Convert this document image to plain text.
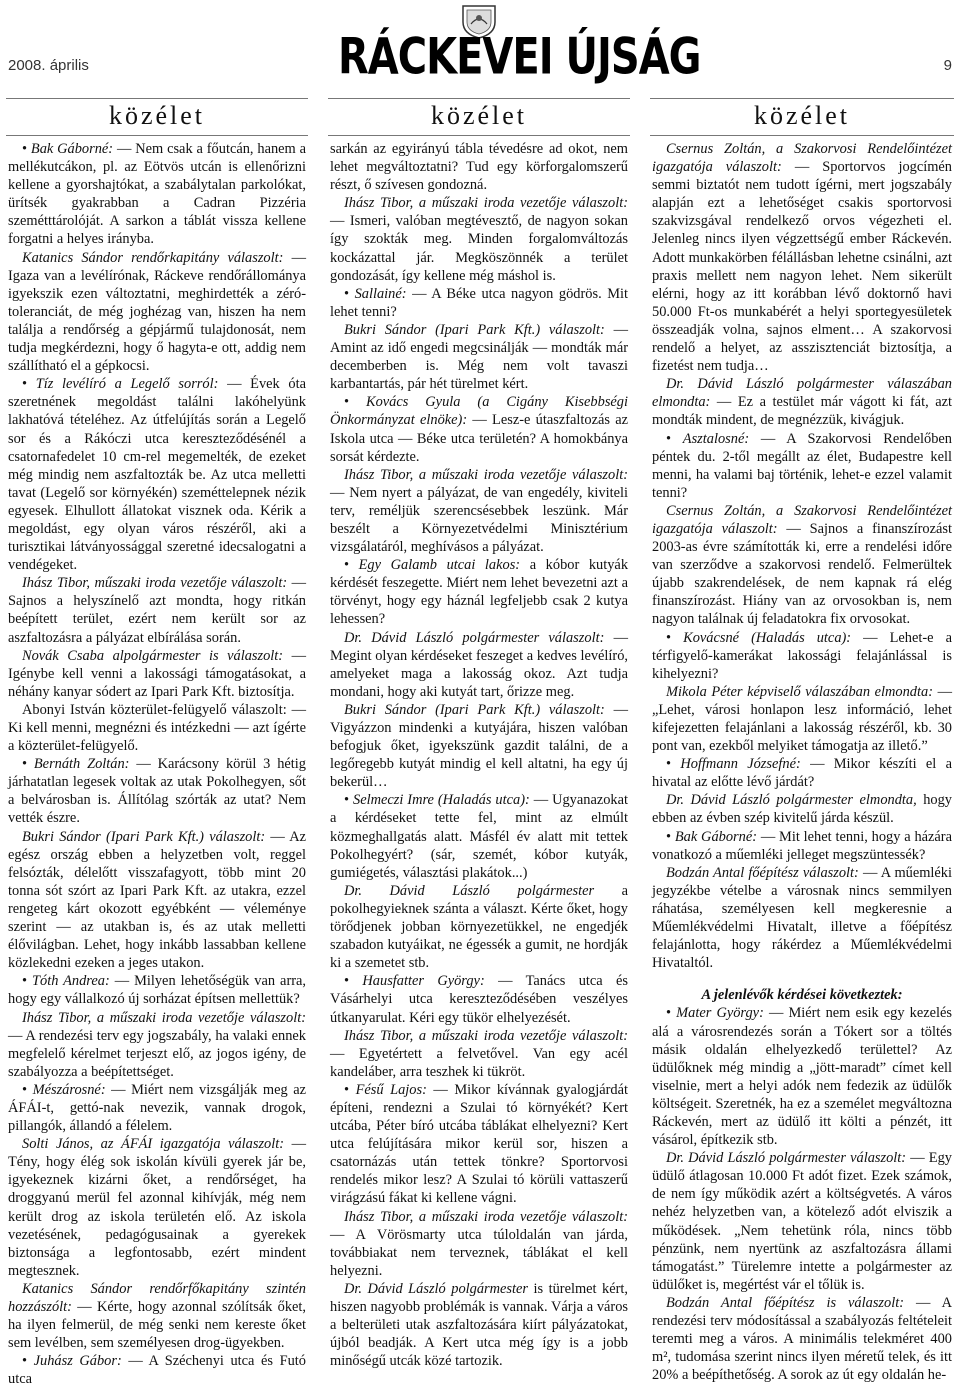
2008. április	RÁCKEVEI ÚJSÁG	9
közélet	közélet	közélet

• Bak Gáborné: — Nem csak a főutcán, hanem a mellékutcákon, pl. az Eötvös utcán is ellenőrizni kellene a gyorshajtókat, a szabálytalan parkolókat, ürítsék gyakrabban a Cadran Pizzéria szemétttárolóját. A sarkon a táblát vissza kellene forgatni a helyes irányba.

Katanics Sándor rendőrkapitány válaszolt: — Igaza van a levélírónak, Ráckeve rendőrállománya igyekszik ezen változtatni, meghirdették a zéró-toleranciát, de még joghézag van, hiszen ha nem találja a rendőrség a gépjármű tulajdonosát, nem tudja megkérdezni, hogy ő hagyta-e ott, addig nem szállítható el a gépkocsi.

• Tíz levélíró a Legelő sorról: — Évek óta szeretnének megoldást találni lakóhelyünk lakhatóvá tételéhez. Az útfelújítás során a Legelő sor és a Rákóczi utca kereszteződésénél a csatornafedelet 10 cm-rel megemelték, de ezeket még mindig nem aszfaltozták be. Az utca melletti tavat (Legelő sor környékén) szeméttelepnek nézik egyesek. Elhullott állatokat visznek oda. Kérik a megoldást, egy olyan város részéről, aki a turisztikai látványossággal szeretné idecsalogatni a vendégeket.

Ihász Tibor, műszaki iroda vezetője válaszolt: — Sajnos a helyszínelő azt mondta, hogy ritkán beépített terület, ezért nem került sor az aszfaltozásra a pályázat elbírálása során.

Novák Csaba alpolgármester is válaszolt: — Igénybe kell venni a lakossági támogatásokat, a néhány kanyar sódert az Ipari Park Kft. biztosítja.

Abonyi István közterület-felügyelő válaszolt: — Ki kell menni, megnézni és intézkedni — azt ígérte a közterület-felügyelő.

• Bernáth Zoltán: — Karácsony körül 3 hétig járhatatlan legesek voltak az utak Pokolhegyen, sőt a belvárosban is. Állítólag szórták az utat? Nem vették észre.

Bukri Sándor (Ipari Park Kft.) válaszolt: — Az egész ország ebben a helyzetben volt, reggel felsózták, délelőtt visszafagyott, több mint 20 tonna sót szórt az Ipari Park Kft. az utakra, ezzel rengeteg kárt okozott egyébként — véleménye szerint — az utakban is, és az utak melletti élővilágban. Lehet, hogy inkább lassabban kellene közlekedni ezeken a jeges utakon.

• Tóth Andrea: — Milyen lehetőségük van arra, hogy egy vállalkozó új sorházat építsen mellettük?

Ihász Tibor, a műszaki iroda vezetője válaszolt: — A rendezési terv egy jogszabály, ha valaki ennek megfelelő kérelmet terjeszt elő, az jogos igény, de szabályozza a beépítettséget.

• Mészárosné: — Miért nem vizsgálják meg az ÁFÁI-t, gettó-nak nevezik, vannak drogok, pillangók, állandó a félelem.

Solti János, az ÁFÁI igazgatója válaszolt: — Tény, hogy élég sok iskolán kívüli gyerek jár be, igyekeznek kizárni őket, a rendőrséget, ha droggyanú merül fel azonnal kihívják, még nem került drog az iskola területén elő. Az iskola vezetésének, pedagógusainak a gyerekek biztonsága a legfontosabb, ezért mindent megtesznek.

Katanics Sándor rendőrfőkapitány szintén hozzászólt: — Kérte, hogy azonnal szólítsák őket, ha ilyen felmerül, de még senki nem kereste őket sem levélben, sem személyesen drog-ügyekben.

• Juhász Gábor: — A Széchenyi utca és Futó utca

sarkán az egyirányú tábla tévedésre ad okot, nem lehet megváltoztatni? Tud egy körforgalomszerű részt, ő szívesen gondozná.

Ihász Tibor, a műszaki iroda vezetője válaszolt: — Ismeri, valóban megtévesztő, de nagyon sokan így szokták meg. Minden forgalomváltozás kockázattal jár. Megköszönnék a terület gondozását, így kellene még máshol is.

• Sallainé: — A Béke utca nagyon gödrös. Mit lehet tenni?

Bukri Sándor (Ipari Park Kft.) válaszolt: — Amint az idő engedi megcsinálják — mondták már decemberben is. Még nem volt tavaszi karbantartás, pár hét türelmet kért.

• Kovács Gyula (a Cigány Kisebbségi Önkormányzat elnöke): — Lesz-e útaszfaltozás az Iskola utca — Béke utca területén? A homokbánya sorsát kérdezte.

Ihász Tibor, a műszaki iroda vezetője válaszolt: — Nem nyert a pályázat, de van engedély, kiviteli terv, reméljük szerencsésebbek leszünk. Már beszélt a Környezetvédelmi Minisztérium vizsgálatáról, meghívásos a pályázat.

• Egy Galamb utcai lakos: a kóbor kutyák kérdését feszegette. Miért nem lehet bevezetni azt a törvényt, hogy egy háznál legfeljebb csak 2 kutya lehessen?

Dr. Dávid László polgármester válaszolt: — Megint olyan kérdéseket feszeget a kedves levélíró, amelyeket maga a lakosság okoz. Azt tudja mondani, hogy aki kutyát tart, őrizze meg.

Bukri Sándor (Ipari Park Kft.) válaszolt: — Vigyázzon mindenki a kutyájára, hiszen valóban befogjuk őket, igyekszünk gazdit találni, de a legőregebb kutyát mindig el kell altatni, ha egy új bekerül…

• Selmeczi Imre (Haladás utca): — Ugyanazokat a kérdéseket tette fel, mint az elmúlt közmeghallgatás alatt. Másfél év alatt mit tettek Pokolhegyért? (sár, szemét, kóbor kutyák, gumiégetés, választási plakátok...)

Dr. Dávid László polgármester a pokolhegyieknek szánta a választ. Kérte őket, hogy törődjenek jobban környezetükkel, ne engedjék szabadon kutyáikat, ne égessék a gumit, ne hordják ki a szemetet stb.

• Hausfatter György: — Tanács utca és Vásárhelyi utca kereszteződésében veszélyes útkanyarulat. Kéri egy tükör elhelyezését.

Ihász Tibor, a műszaki iroda vezetője válaszolt: — Egyetértett a felvetővel. Van egy acél kandeláber, arra teszhek ki tükröt.

• Fésű Lajos: — Mikor kívánnak gyalogjárdát építeni, rendezni a Szulai tó környékét? Kert utcába, Péter bíró utcába táblákat elhelyezni? Kert utca felújítására mikor kerül sor, hiszen a csatornázás után tettek tönkre? Sportorvosi rendelés mikor lesz? A Szulai tó körüli vattaszerű virágzású fákat ki kellene vágni.

Ihász Tibor, a műszaki iroda vezetője válaszolt: — A Vörösmarty utca túloldalán van járda, továbbiakat nem terveznek, táblákat el kell helyezni.

Dr. Dávid László polgármester is türelmet kért, hiszen nagyobb problémák is vannak. Várja a város a belterületi utak aszfaltozására kiírt pályázatokat, újból beadják. A Kert utca még így is a jobb minőségű utcák közé tartozik.

Csernus Zoltán, a Szakorvosi Rendelőintézet igazgatója válaszolt: — Sportorvos jogcímén semmi biztatót nem tudott ígérni, mert jogszabály alapján ezt a lehetőséget csakis sportorvosi szakvizsgával rendelkező orvos végezheti el. Jelenleg nincs ilyen végzettségű ember Ráckevén. Adott munkakörben félállásban lehetne csinálni, azt praxis mellett nem nagyon lehet. Nem sikerült elérni, hogy az itt korábban lévő doktornő havi 50.000 Ft-os munkabérét a helyi sportegyesületek összeadják volna, sajnos elment… A szakorvosi rendelő a helyet, az asszisztenciát biztosítja, a fizetést nem tudja…

Dr. Dávid László polgármester válaszában elmondta: — Ez a testület már vágott ki fát, azt mondták mindent, de megnézzük, kivágjuk.

• Asztalosné: — A Szakorvosi Rendelőben péntek du. 2-től megállt az élet, Budapestre kell menni, ha valami baj történik, lehet-e ezzel valamit tenni?

Csernus Zoltán, a Szakorvosi Rendelőintézet igazgatója válaszolt: — Sajnos a finanszírozást 2003-as évre számították ki, erre a rendelési időre van szerződve a szakorvosi rendelő. Felmerültek újabb szakrendelések, de nem kapnak rá elég finanszírozást. Hiány van az orvosokban is, nem nagyon találnak új feladatokra fix orvosokat.

• Kovácsné (Haladás utca): — Lehet-e a térfigyelő-kamerákat lakossági felajánlással is kihelyezni?

Mikola Péter képviselő válaszában elmondta: — „Lehet, városi honlapon lesz információ, lehet kifejezetten felajánlani a lakosság részéről, kb. 30 pont van, ezekből melyiket támogatja az illető.”

• Hoffmann Józsefné: — Mikor készíti el a hivatal az előtte lévő járdát?

Dr. Dávid László polgármester elmondta, hogy ebben az évben szép kivitelű járda készül.

• Bak Gáborné: — Mit lehet tenni, hogy a házára vonatkozó a műemléki jelleget megszüntessék?

Bodzán Antal főépítész válaszolt: — A műemléki jegyzékbe vételbe a városnak nincs semmilyen ráhatása, személyesen kell megkeresnie a Műemlékvédelmi Hivatalt, illetve a főépítész felajánlotta, hogy rákérdez a Műemlékvédelmi Hivataltól.

A jelenlévők kérdései következtek:

• Mater György: — Miért nem esik egy kezelés alá a városrendezés során a Tókert sor a töltés másik oldalán elhelyezkedő területtel? Az üdülőknek még mindig a „jött-maradt” címet kell viselnie, mert a helyi adók nem fedezik az üdülők költségeit. Szeretnék, ha ez a személet megváltozna Ráckevén, mert az üdülő itt költi a pénzét, itt vásárol, építkezik stb.

Dr. Dávid László polgármester válaszolt: — Egy üdülő átlagosan 10.000 Ft adót fizet. Ezek számok, de nem így működik azért a költségvetés. A város nehéz helyzetben van, a kötelező adót elviszik a működések. „Nem tehetünk róla, nincs több pénzünk, nem nyertünk az aszfaltozásra állami támogatást.” Türelemre intette a polgármester az üdülőket is, megértést vár el tőlük is.

Bodzán Antal főépítész is válaszolt: — A rendezési terv módosítással a szabályozás feltételeit teremti meg a város. A minimális telekméret 400 m², tudomása szerint nincs ilyen méretű telek, és itt 20% a beépíthetőség. A sorok az út egy oldalán he-
